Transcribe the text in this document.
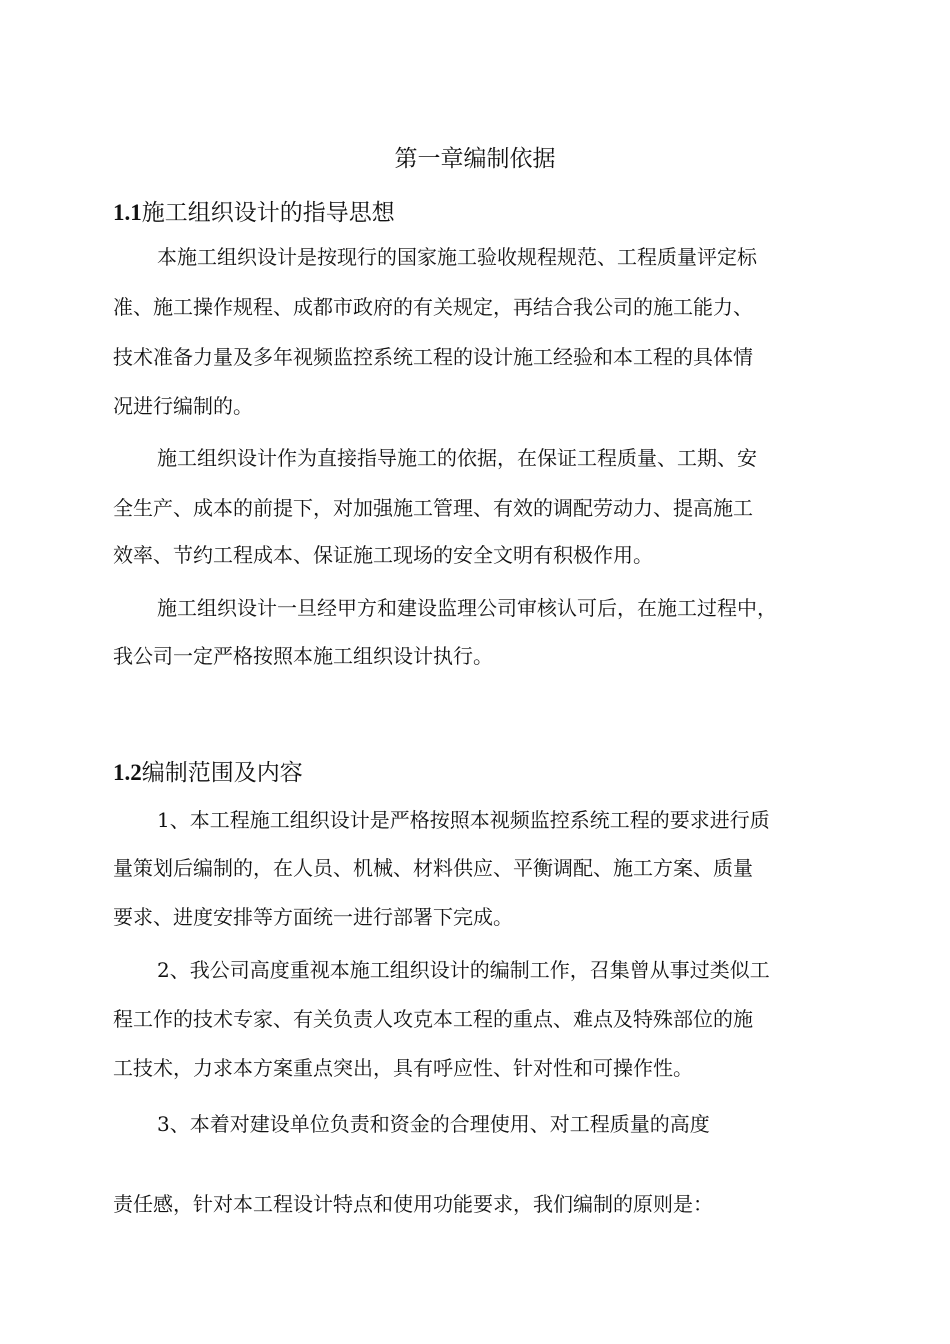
第一章编制依据
1.1施工组织设计的指导思想
本施工组织设计是按现行的国家施工验收规程规范、工程质量评定标
准、施工操作规程、成都市政府的有关规定，再结合我公司的施工能力、
技术准备力量及多年视频监控系统工程的设计施工经验和本工程的具体情
况进行编制的。
施工组织设计作为直接指导施工的依据，在保证工程质量、工期、安
全生产、成本的前提下，对加强施工管理、有效的调配劳动力、提高施工
效率、节约工程成本、保证施工现场的安全文明有积极作用。
施工组织设计一旦经甲方和建设监理公司审核认可后，在施工过程中，
我公司一定严格按照本施工组织设计执行。
1.2编制范围及内容
1、本工程施工组织设计是严格按照本视频监控系统工程的要求进行质
量策划后编制的，在人员、机械、材料供应、平衡调配、施工方案、质量
要求、进度安排等方面统一进行部署下完成。
2、我公司高度重视本施工组织设计的编制工作，召集曾从事过类似工
程工作的技术专家、有关负责人攻克本工程的重点、难点及特殊部位的施
工技术，力求本方案重点突出，具有呼应性、针对性和可操作性。
3、本着对建设单位负责和资金的合理使用、对工程质量的高度
责任感，针对本工程设计特点和使用功能要求，我们编制的原则是：
